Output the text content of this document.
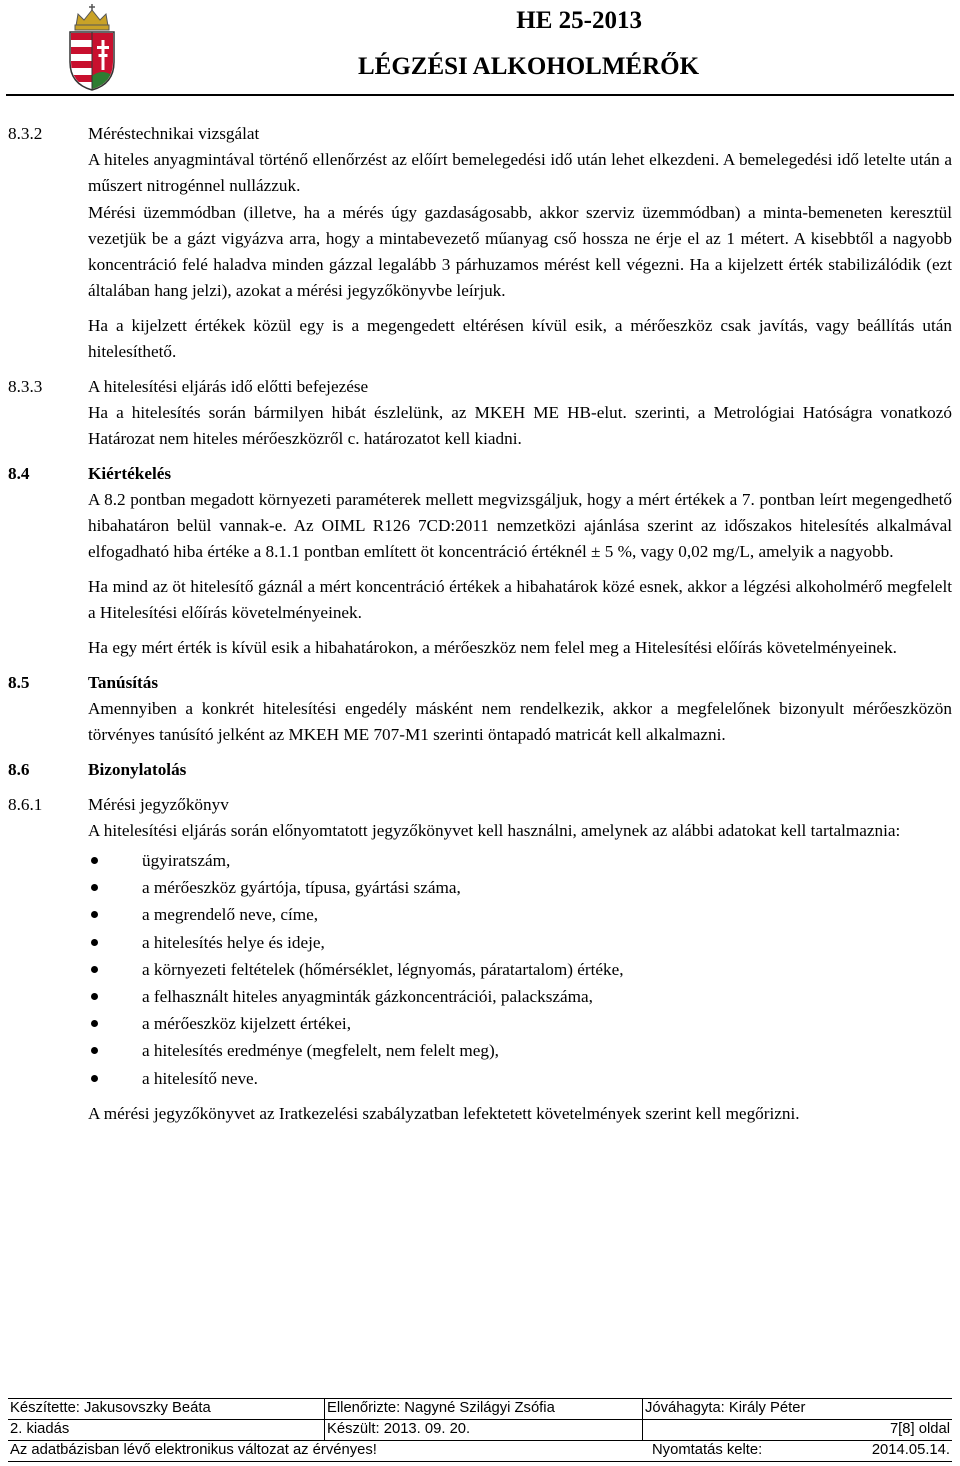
HE 25-2013
LÉGZÉSI ALKOHOLMÉRŐK
8.3.2	Méréstechnikai vizsgálat

A hiteles anyagmintával történő ellenőrzést az előírt bemelegedési idő után lehet elkezdeni. A bemelegedési idő letelte után a műszert nitrogénnel nullázzuk.

Mérési üzemmódban (illetve, ha a mérés úgy gazdaságosabb, akkor szerviz üzemmódban) a minta-bemeneten keresztül vezetjük be a gázt vigyázva arra, hogy a mintabevezető műanyag cső hossza ne érje el az 1 métert. A kisebbtől a nagyobb koncentráció felé haladva minden gázzal legalább 3 párhuzamos mérést kell végezni. Ha a kijelzett érték stabilizálódik (ezt általában hang jelzi), azokat a mérési jegyzőkönyvbe leírjuk.

Ha a kijelzett értékek közül egy is a megengedett eltérésen kívül esik, a mérőeszköz csak javítás, vagy beállítás után hitelesíthető.

8.3.3	A hitelesítési eljárás idő előtti befejezése

Ha a hitelesítés során bármilyen hibát észlelünk, az MKEH ME HB-elut. szerinti, a Metrológiai Hatóságra vonatkozó Határozat nem hiteles mérőeszközről c. határozatot kell kiadni.

8.4	Kiértékelés

A 8.2 pontban megadott környezeti paraméterek mellett megvizsgáljuk, hogy a mért értékek a 7. pontban leírt megengedhető hibahatáron belül vannak-e. Az OIML R126 7CD:2011 nemzetközi ajánlása szerint az időszakos hitelesítés alkalmával elfogadható hiba értéke a 8.1.1 pontban említett öt koncentráció értéknél ± 5 %, vagy 0,02 mg/L, amelyik a nagyobb.

Ha mind az öt hitelesítő gáznál a mért koncentráció értékek a hibahatárok közé esnek, akkor a légzési alkoholmérő megfelelt a Hitelesítési előírás követelményeinek.

Ha egy mért érték is kívül esik a hibahatárokon, a mérőeszköz nem felel meg a Hitelesítési előírás követelményeinek.

8.5	Tanúsítás

Amennyiben a konkrét hitelesítési engedély másként nem rendelkezik, akkor a megfelelőnek bizonyult mérőeszközön törvényes tanúsító jelként az MKEH ME 707-M1 szerinti öntapadó matricát kell alkalmazni.

8.6	Bizonylatolás
8.6.1	Mérési jegyzőkönyv

A hitelesítési eljárás során előnyomtatott jegyzőkönyvet kell használni, amelynek az alábbi adatokat kell tartalmaznia:

ügyiratszám,
a mérőeszköz gyártója, típusa, gyártási száma,
a megrendelő neve, címe,
a hitelesítés helye és ideje,
a környezeti feltételek (hőmérséklet, légnyomás, páratartalom) értéke,
a felhasznált hiteles anyagminták gázkoncentrációi, palackszáma,
a mérőeszköz kijelzett értékei,
a hitelesítés eredménye (megfelelt, nem felelt meg),
a hitelesítő neve.

A mérési jegyzőkönyvet az Iratkezelési szabályzatban lefektetett követelmények szerint kell megőrizni.

Készítette: Jakusovszky Beáta	Ellenőrizte: Nagyné Szilágyi Zsófia	Jóváhagyta: Király Péter
2. kiadás	Készült: 2013. 09. 20.	7[8] oldal
Az adatbázisban lévő elektronikus változat az érvényes!	Nyomtatás kelte:	2014.05.14.
